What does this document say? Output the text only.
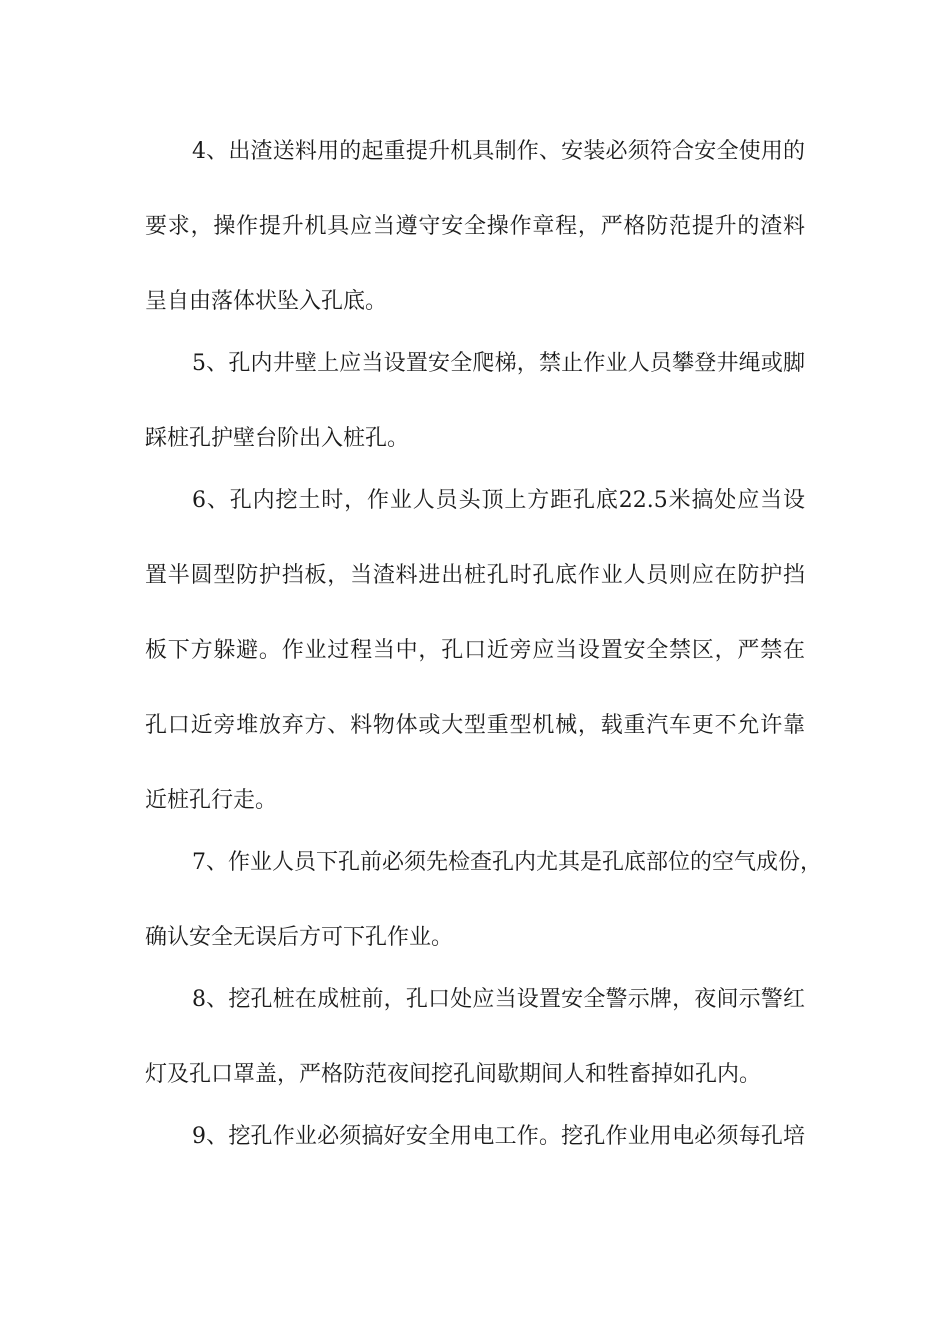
4、出渣送料用的起重提升机具制作、安装必须符合安全使用的
要求，操作提升机具应当遵守安全操作章程，严格防范提升的渣料
呈自由落体状坠入孔底。
5、孔内井壁上应当设置安全爬梯，禁止作业人员攀登井绳或脚
踩桩孔护壁台阶出入桩孔。
6、孔内挖土时，作业人员头顶上方距孔底22.5米搞处应当设
置半圆型防护挡板，当渣料进出桩孔时孔底作业人员则应在防护挡
板下方躲避。作业过程当中，孔口近旁应当设置安全禁区，严禁在
孔口近旁堆放弃方、料物体或大型重型机械，载重汽车更不允许靠
近桩孔行走。
7、作业人员下孔前必须先检查孔内尤其是孔底部位的空气成份，
确认安全无误后方可下孔作业。
8、挖孔桩在成桩前，孔口处应当设置安全警示牌，夜间示警红
灯及孔口罩盖，严格防范夜间挖孔间歇期间人和牲畜掉如孔内。
9、挖孔作业必须搞好安全用电工作。挖孔作业用电必须每孔培
